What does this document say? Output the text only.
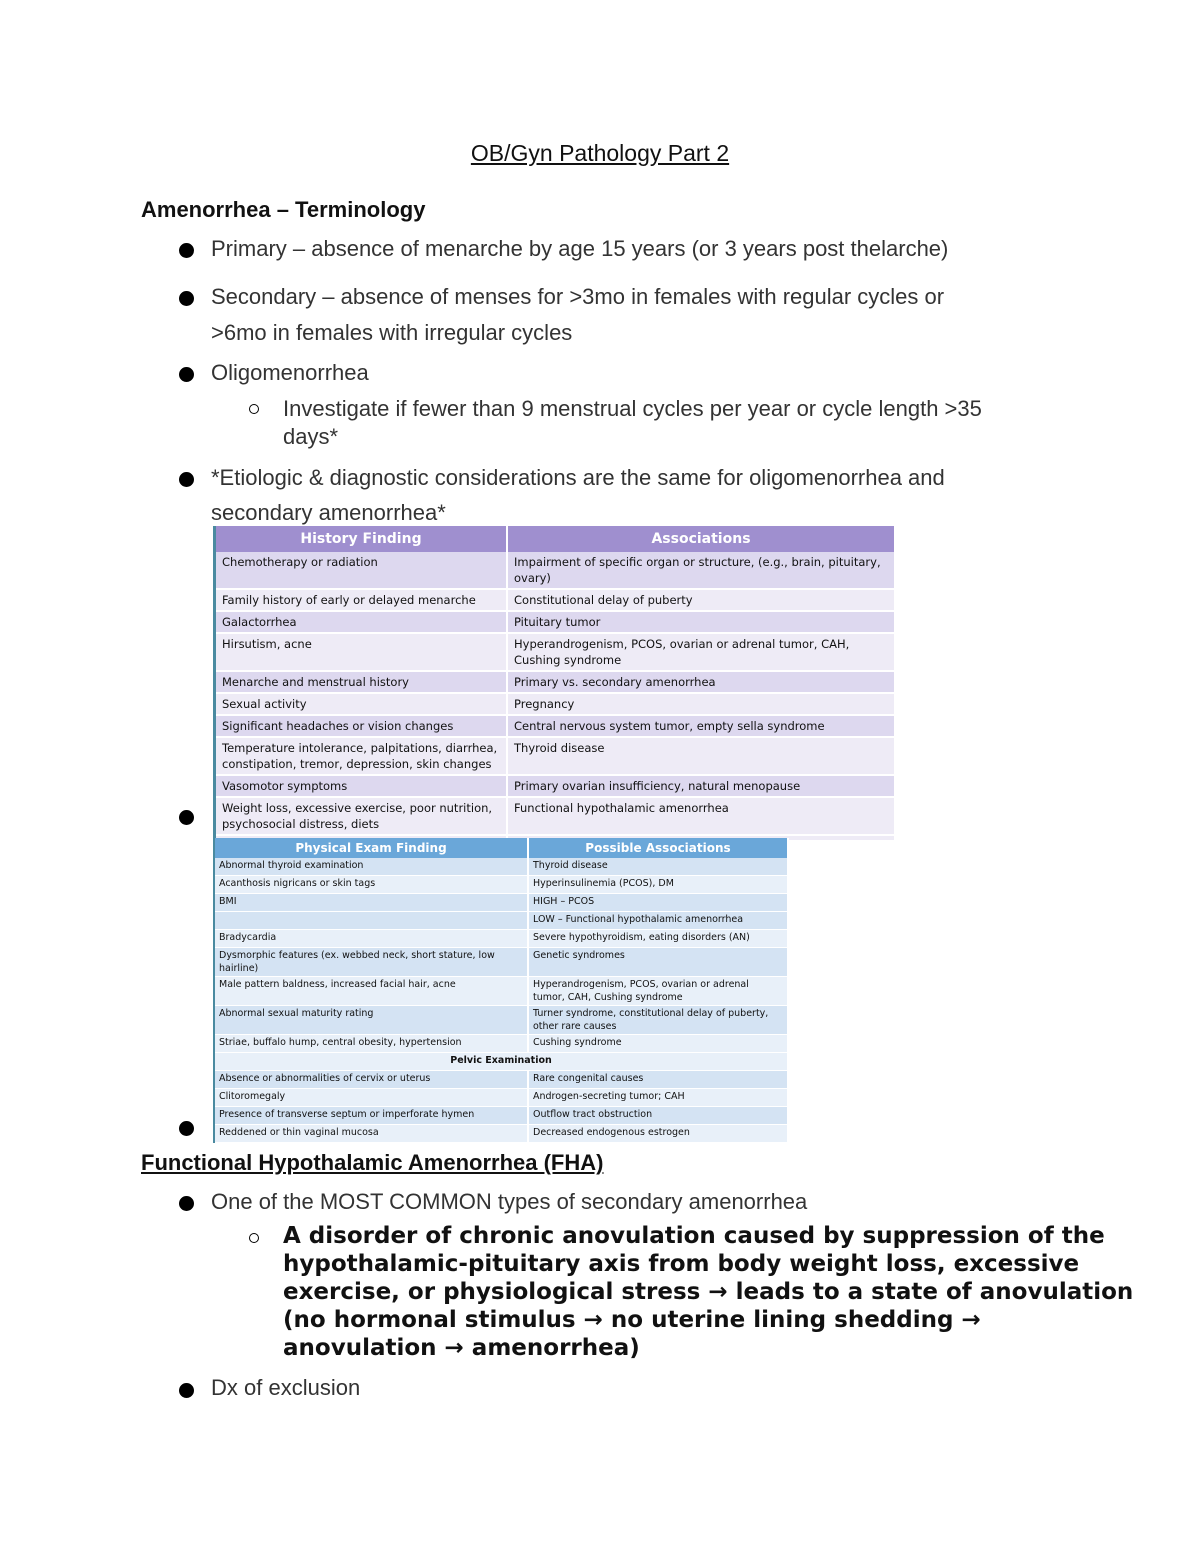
OB/Gyn Pathology Part 2
Amenorrhea – Terminology
Primary – absence of menarche by age 15 years (or 3 years post thelarche)
Secondary – absence of menses for >3mo in females with regular cycles or
>6mo in females with irregular cycles
Oligomenorrhea
Investigate if fewer than 9 menstrual cycles per year or cycle length >35
days*
*Etiologic & diagnostic considerations are the same for oligomenorrhea and
secondary amenorrhea*
History Finding	Associations
Chemotherapy or radiation	Impairment of specific organ or structure, (e.g., brain, pituitary, ovary)
Family history of early or delayed menarche	Constitutional delay of puberty
Galactorrhea	Pituitary tumor
Hirsutism, acne	Hyperandrogenism, PCOS, ovarian or adrenal tumor, CAH, Cushing syndrome
Menarche and menstrual history	Primary vs. secondary amenorrhea
Sexual activity	Pregnancy
Significant headaches or vision changes	Central nervous system tumor, empty sella syndrome
Temperature intolerance, palpitations, diarrhea, constipation, tremor, depression, skin changes	Thyroid disease
Vasomotor symptoms	Primary ovarian insufficiency, natural menopause
Weight loss, excessive exercise, poor nutrition, psychosocial distress, diets	Functional hypothalamic amenorrhea

Physical Exam Finding	Possible Associations
Abnormal thyroid examination	Thyroid disease
Acanthosis nigricans or skin tags	Hyperinsulinemia (PCOS), DM
BMI	HIGH – PCOS
	LOW – Functional hypothalamic amenorrhea
Bradycardia	Severe hypothyroidism, eating disorders (AN)
Dysmorphic features (ex. webbed neck, short stature, low hairline)	Genetic syndromes
Male pattern baldness, increased facial hair, acne	Hyperandrogenism, PCOS, ovarian or adrenal tumor, CAH, Cushing syndrome
Abnormal sexual maturity rating	Turner syndrome, constitutional delay of puberty, other rare causes
Striae, buffalo hump, central obesity, hypertension	Cushing syndrome
Pelvic Examination	
Absence or abnormalities of cervix or uterus	Rare congenital causes
Clitoromegaly	Androgen-secreting tumor; CAH
Presence of transverse septum or imperforate hymen	Outflow tract obstruction
Reddened or thin vaginal mucosa	Decreased endogenous estrogen
Functional Hypothalamic Amenorrhea (FHA)
One of the MOST COMMON types of secondary amenorrhea
A disorder of chronic anovulation caused by suppression of the
hypothalamic-pituitary axis from body weight loss, excessive
exercise, or physiological stress → leads to a state of anovulation
(no hormonal stimulus → no uterine lining shedding →
anovulation → amenorrhea)
Dx of exclusion
